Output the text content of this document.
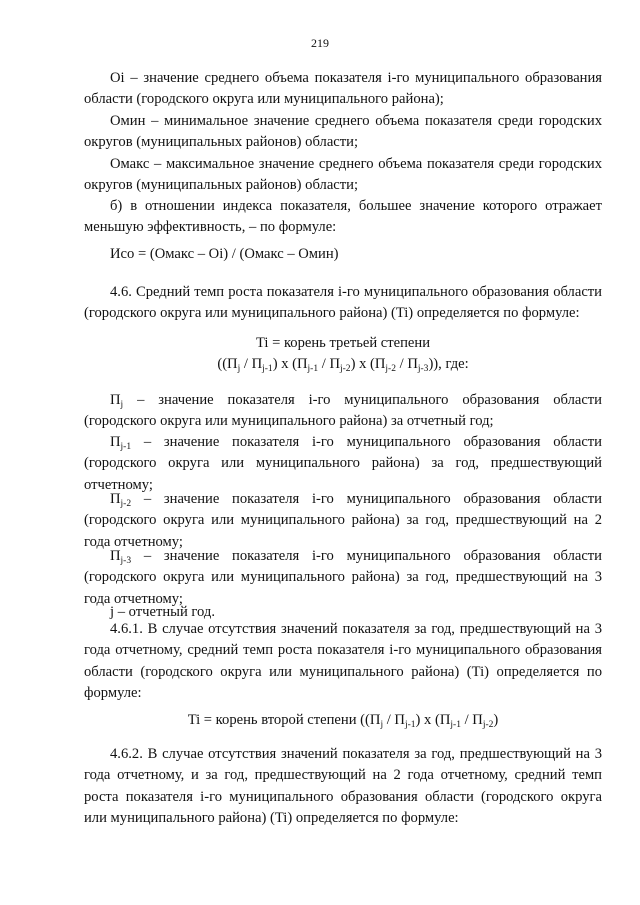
219

Oi – значение среднего объема показателя i-го муниципального образования области (городского округа или муниципального района);

Омин – минимальное значение среднего объема показателя среди городских округов (муниципальных районов) области;

Омакс – максимальное значение среднего объема показателя среди городских округов (муниципальных районов) области;

б) в отношении индекса показателя, большее значение которого отражает меньшую эффективность, – по формуле:

Исо = (Омакс – Oi) / (Омакс – Омин)

4.6. Средний темп роста показателя i-го муниципального образования области (городского округа или муниципального района) (Ti) определяется по формуле:

Ti = корень третьей степени

($(П_j / П_{j-1})$ x $(П_{j-1} / П_{j-2})$ x $(П_{j-2} / П_{j-3})$), где:

$П_j$ – значение показателя i-го муниципального образования области (городского округа или муниципального района) за отчетный год;

$П_{j-1}$ – значение показателя i-го муниципального образования области (городского округа или муниципального района) за год, предшествующий отчетному;

$П_{j-2}$ – значение показателя i-го муниципального образования области (городского округа или муниципального района) за год, предшествующий на 2 года отчетному;

$П_{j-3}$ – значение показателя i-го муниципального образования области (городского округа или муниципального района) за год, предшествующий на 3 года отчетному;

j – отчетный год.

4.6.1. В случае отсутствия значений показателя за год, предшествующий на 3 года отчетному, средний темп роста показателя i-го муниципального образования области (городского округа или муниципального района) (Ti) определяется по формуле:

Ti = корень второй степени ($(П_j / П_{j-1})$ x $(П_{j-1} / П_{j-2})$

4.6.2. В случае отсутствия значений показателя за год, предшествующий на 3 года отчетному, и за год, предшествующий на 2 года отчетному, средний темп роста показателя i-го муниципального образования области (городского округа или муниципального района) (Ti) определяется по формуле:
